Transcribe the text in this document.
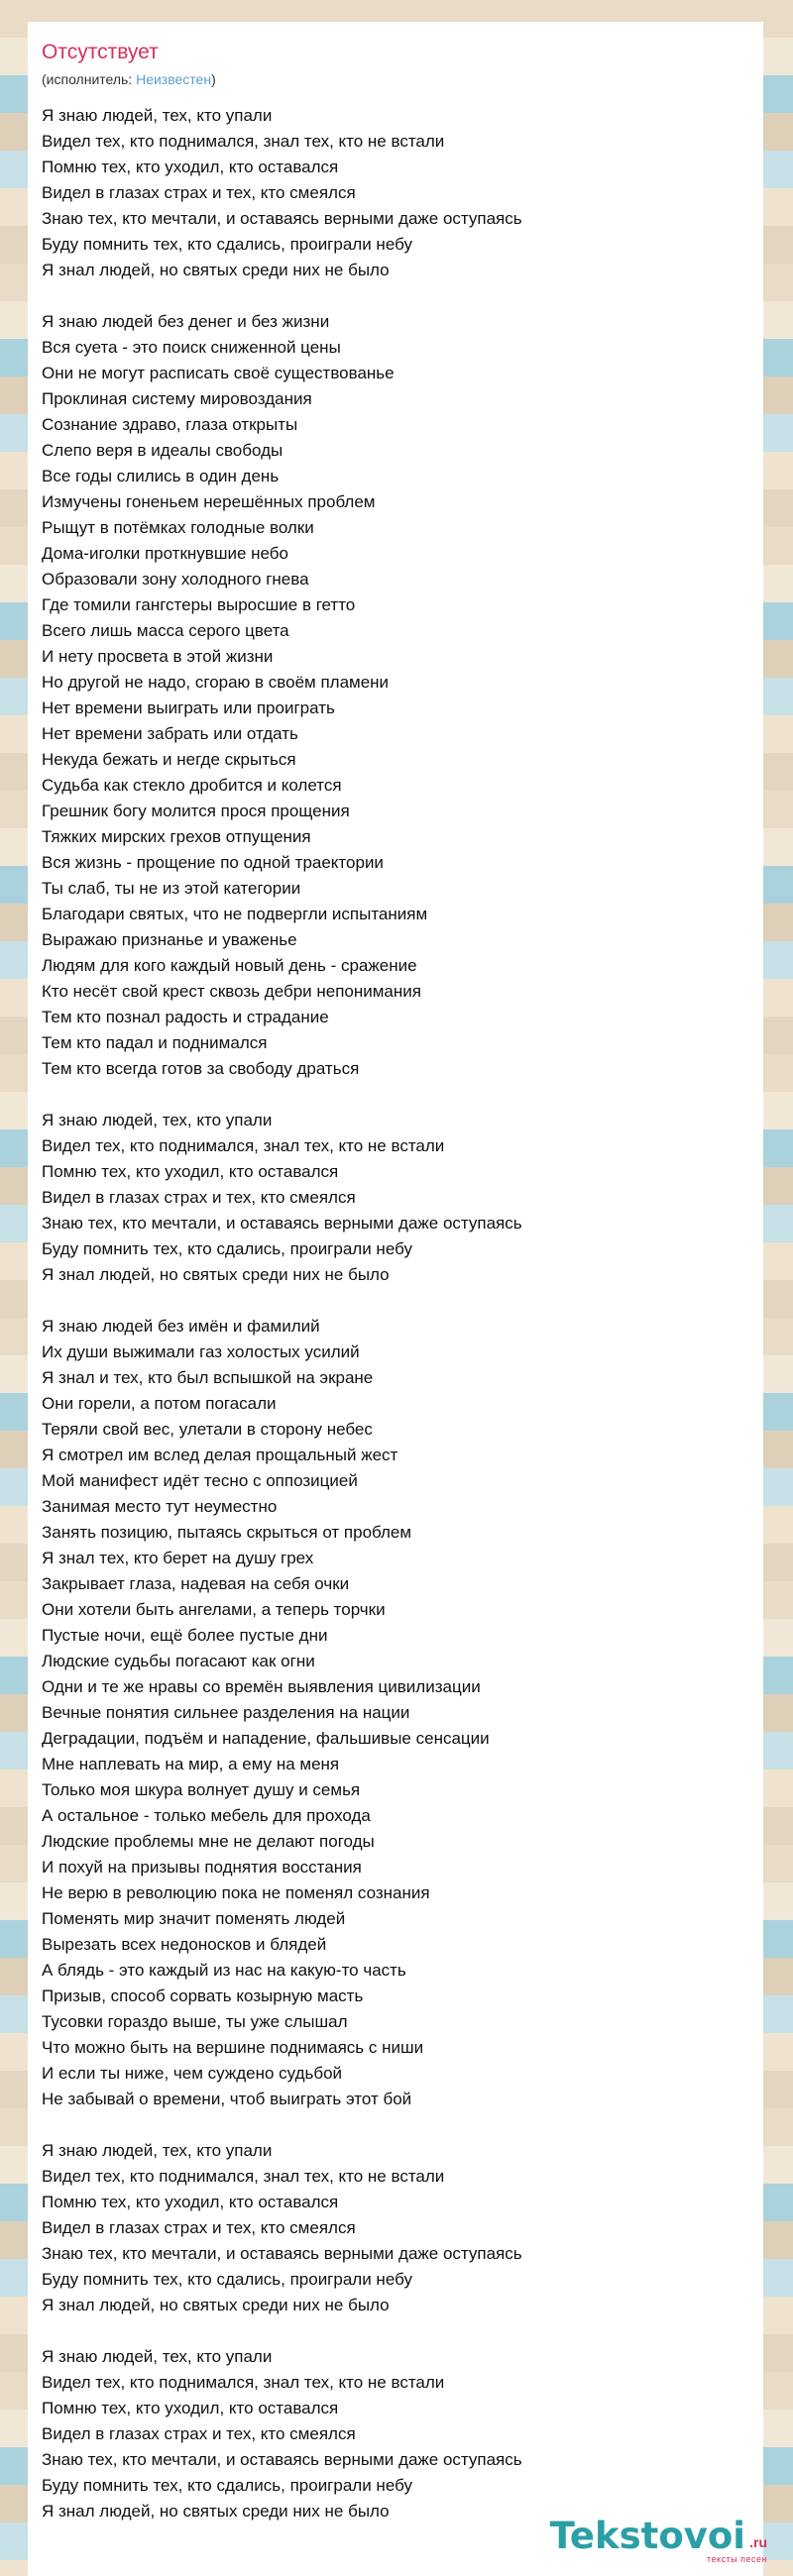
Отсутствует
(исполнитель: Неизвестен)
Я знаю людей, тех, кто упали
Видел тех, кто поднимался, знал тех, кто не встали
Помню тех, кто уходил, кто оставался
Видел в глазах страх и тех, кто смеялся
Знаю тех, кто мечтали, и оставаясь верными даже оступаясь
Буду помнить тех, кто сдались, проиграли небу
Я знал людей, но святых среди них не было
Я знаю людей без денег и без жизни
Вся суета - это поиск сниженной цены
Они не могут расписать своё существованье
Проклиная систему мировоздания
Сознание здраво, глаза открыты
Слепо веря в идеалы свободы
Все годы слились в один день
Измучены гоненьем нерешённых проблем
Рыщут в потёмках голодные волки
Дома-иголки проткнувшие небо
Образовали зону холодного гнева
Где томили гангстеры выросшие в гетто
Всего лишь масса серого цвета
И нету просвета в этой жизни
Но другой не надо, сгораю в своём пламени
Нет времени выиграть или проиграть
Нет времени забрать или отдать
Некуда бежать и негде скрыться
Судьба как стекло дробится и колется
Грешник богу молится прося прощения
Тяжких мирских грехов отпущения
Вся жизнь - прощение по одной траектории
Ты слаб, ты не из этой категории
Благодари святых, что не подвергли испытаниям
Выражаю признанье и уваженье
Людям для кого каждый новый день - сражение
Кто несёт свой крест сквозь дебри непонимания
Тем кто познал радость и страдание
Тем кто падал и поднимался
Тем кто всегда готов за свободу драться
Я знаю людей, тех, кто упали
Видел тех, кто поднимался, знал тех, кто не встали
Помню тех, кто уходил, кто оставался
Видел в глазах страх и тех, кто смеялся
Знаю тех, кто мечтали, и оставаясь верными даже оступаясь
Буду помнить тех, кто сдались, проиграли небу
Я знал людей, но святых среди них не было
Я знаю людей без имён и фамилий
Их души выжимали газ холостых усилий
Я знал и тех, кто был вспышкой на экране
Они горели, а потом погасали
Теряли свой вес, улетали в сторону небес
Я смотрел им вслед делая прощальный жест
Мой манифест идёт тесно с оппозицией
Занимая место тут неуместно
Занять позицию, пытаясь скрыться от проблем
Я знал тех, кто берет на душу грех
Закрывает глаза, надевая на себя очки
Они хотели быть ангелами, а теперь торчки
Пустые ночи, ещё более пустые дни
Людские судьбы погасают как огни
Одни и те же нравы со времён выявления цивилизации
Вечные понятия сильнее разделения на нации
Деградации, подъём и нападение, фальшивые сенсации
Мне наплевать на мир, а ему на меня
Только моя шкура волнует душу и семья
А остальное - только мебель для прохода
Людские проблемы мне не делают погоды
И похуй на призывы поднятия восстания
Не верю в революцию пока не поменял сознания
Поменять мир значит поменять людей
Вырезать всех недоносков и блядей
А блядь - это каждый из нас на какую-то часть
Призыв, способ сорвать козырную масть
Тусовки гораздо выше, ты уже слышал
Что можно быть на вершине поднимаясь с ниши
И если ты ниже, чем суждено судьбой
Не забывай о времени, чтоб выиграть этот бой
Я знаю людей, тех, кто упали
Видел тех, кто поднимался, знал тех, кто не встали
Помню тех, кто уходил, кто оставался
Видел в глазах страх и тех, кто смеялся
Знаю тех, кто мечтали, и оставаясь верными даже оступаясь
Буду помнить тех, кто сдались, проиграли небу
Я знал людей, но святых среди них не было
Я знаю людей, тех, кто упали
Видел тех, кто поднимался, знал тех, кто не встали
Помню тех, кто уходил, кто оставался
Видел в глазах страх и тех, кто смеялся
Знаю тех, кто мечтали, и оставаясь верными даже оступаясь
Буду помнить тех, кто сдались, проиграли небу
Я знал людей, но святых среди них не было
Tekstovoi .ru
тексты песен
